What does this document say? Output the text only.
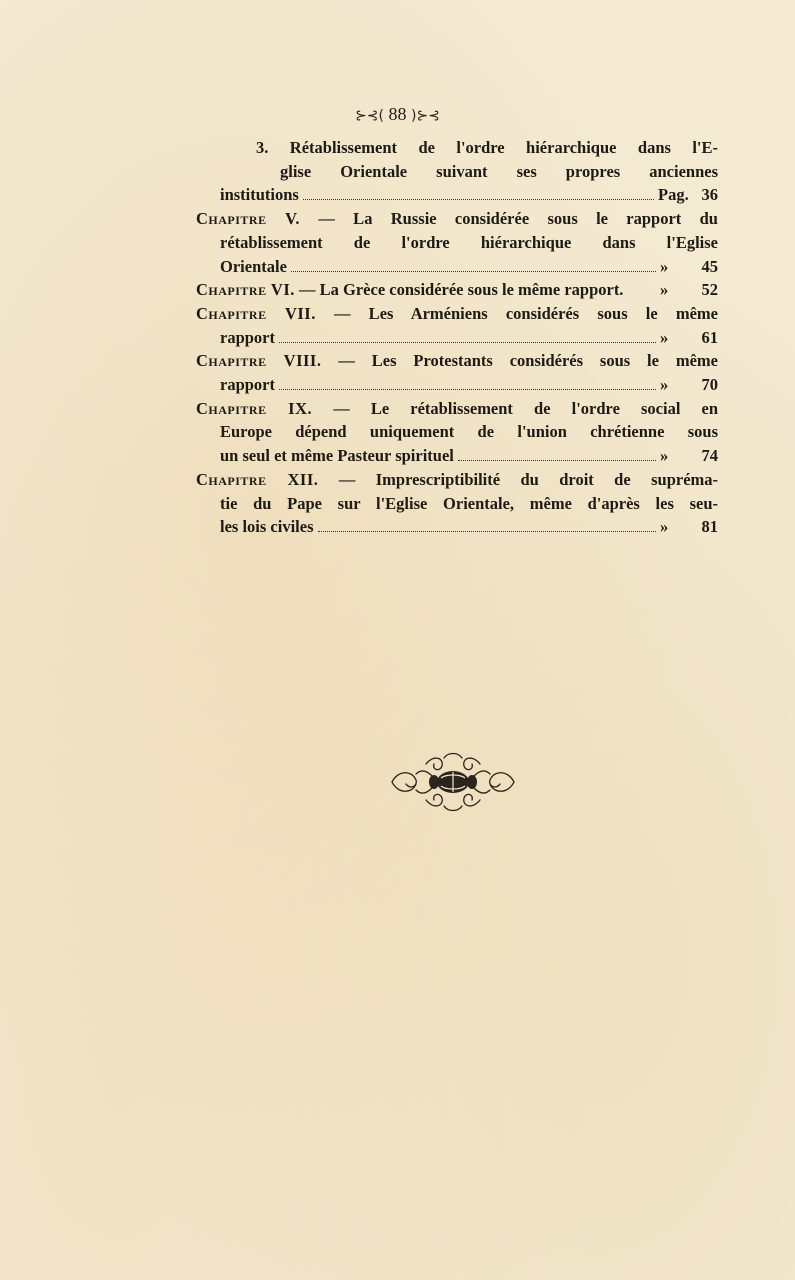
⊱⊰( 88 )⊱⊰
3. Rétablissement de l'ordre hiérarchique dans l'E-
glise Orientale suivant ses propres anciennes
institutions	Pag. 36
Chapitre V. — La Russie considérée sous le rapport du
rétablissement de l'ordre hiérarchique dans l'Eglise
Orientale	» 45
Chapitre VI. — La Grèce considérée sous le même rapport. » 52
Chapitre VII. — Les Arméniens considérés sous le même
rapport	» 61
Chapitre VIII. — Les Protestants considérés sous le même
rapport	» 70
Chapitre IX. — Le rétablissement de l'ordre social en
Europe dépend uniquement de l'union chrétienne sous
un seul et même Pasteur spirituel	» 74
Chapitre XII. — Imprescriptibilité du droit de supréma-
tie du Pape sur l'Eglise Orientale, même d'après les seu-
les lois civiles	» 81
